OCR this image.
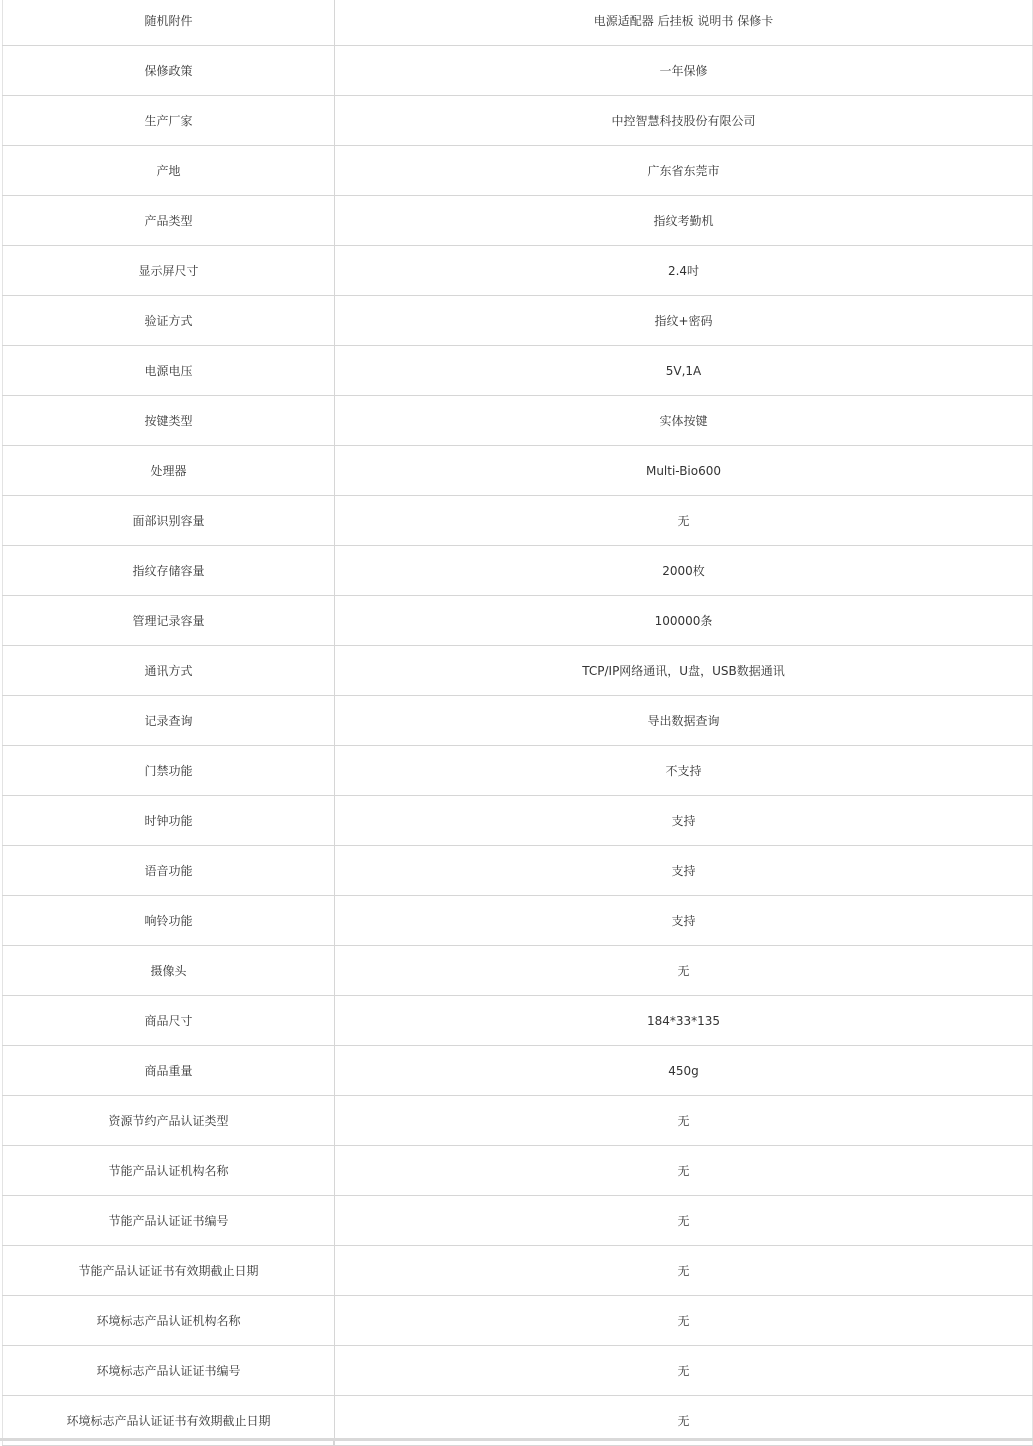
随机附件	电源适配器 后挂板 说明书 保修卡
保修政策	一年保修
生产厂家	中控智慧科技股份有限公司
产地	广东省东莞市
产品类型	指纹考勤机
显示屏尺寸	2.4吋
验证方式	指纹+密码
电源电压	5V,1A
按键类型	实体按键
处理器	Multi-Bio600
面部识别容量	无
指纹存储容量	2000枚
管理记录容量	100000条
通讯方式	TCP/IP网络通讯，U盘，USB数据通讯
记录查询	导出数据查询
门禁功能	不支持
时钟功能	支持
语音功能	支持
响铃功能	支持
摄像头	无
商品尺寸	184*33*135
商品重量	450g
资源节约产品认证类型	无
节能产品认证机构名称	无
节能产品认证证书编号	无
节能产品认证证书有效期截止日期	无
环境标志产品认证机构名称	无
环境标志产品认证证书编号	无
环境标志产品认证证书有效期截止日期	无
